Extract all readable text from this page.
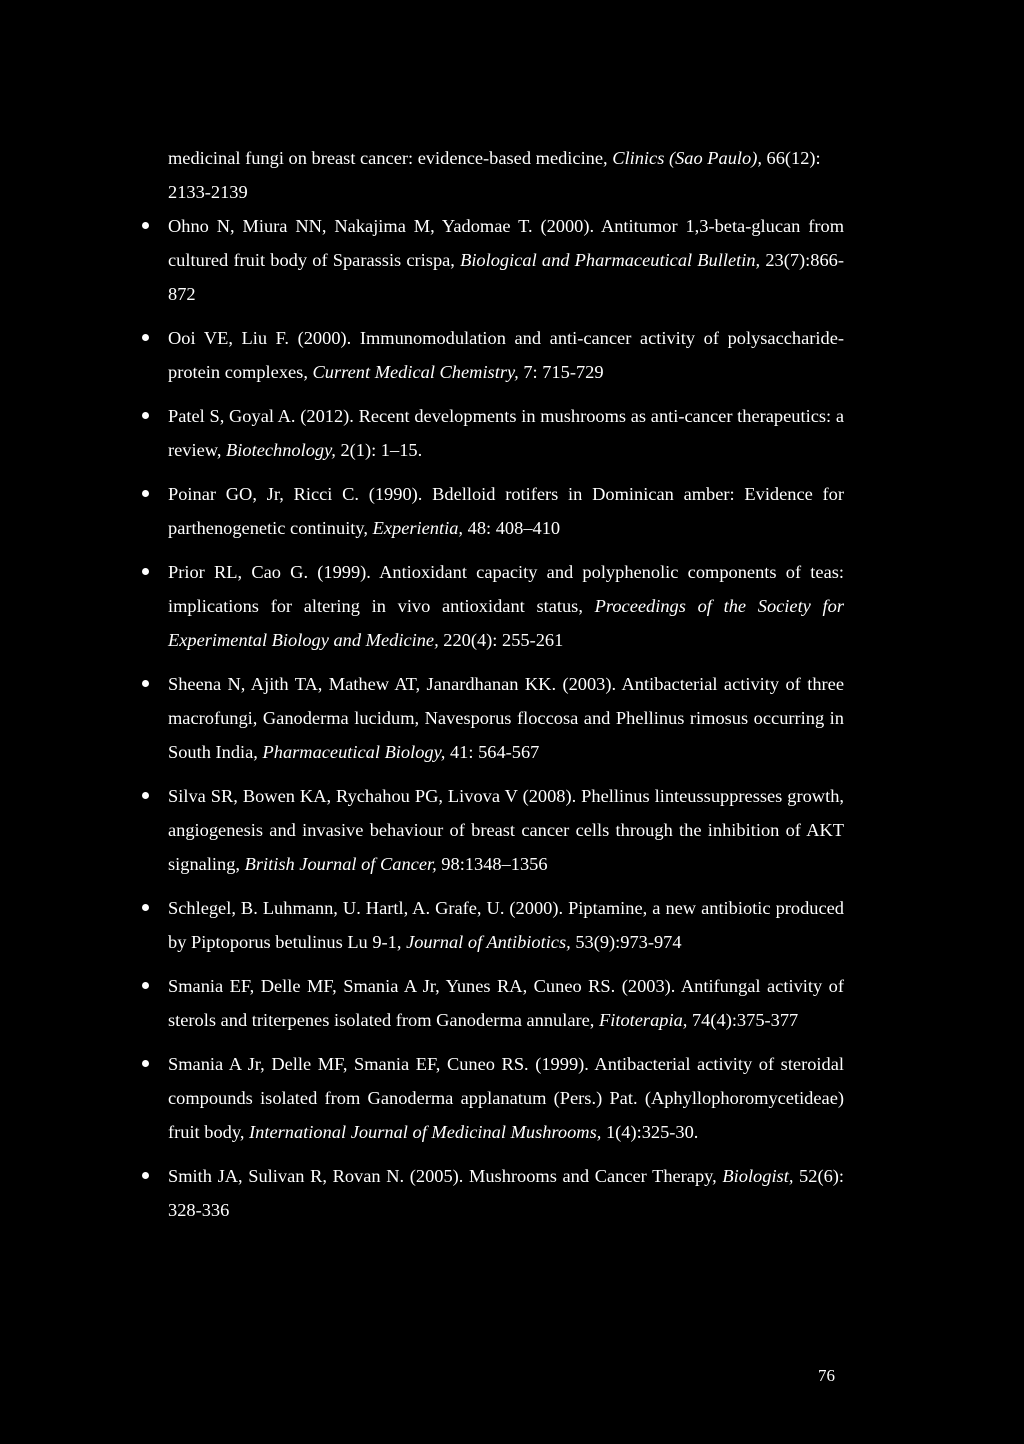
medicinal fungi on breast cancer: evidence-based medicine, Clinics (Sao Paulo), 66(12): 2133-2139

Ohno N, Miura NN, Nakajima M, Yadomae T. (2000). Antitumor 1,3-beta-glucan from cultured fruit body of Sparassis crispa, Biological and Pharmaceutical Bulletin, 23(7):866-872

Ooi VE, Liu F. (2000). Immunomodulation and anti-cancer activity of polysaccharide-protein complexes, Current Medical Chemistry, 7: 715-729

Patel S, Goyal A. (2012). Recent developments in mushrooms as anti-cancer therapeutics: a review, Biotechnology, 2(1): 1–15.

Poinar GO, Jr, Ricci C. (1990). Bdelloid rotifers in Dominican amber: Evidence for parthenogenetic continuity, Experientia, 48: 408–410

Prior RL, Cao G. (1999). Antioxidant capacity and polyphenolic components of teas: implications for altering in vivo antioxidant status, Proceedings of the Society for Experimental Biology and Medicine, 220(4): 255-261

Sheena N, Ajith TA, Mathew AT, Janardhanan KK. (2003). Antibacterial activity of three macrofungi, Ganoderma lucidum, Navesporus floccosa and Phellinus rimosus occurring in South India, Pharmaceutical Biology, 41: 564-567

Silva SR, Bowen KA, Rychahou PG, Livova V (2008). Phellinus linteussuppresses growth, angiogenesis and invasive behaviour of breast cancer cells through the inhibition of AKT signaling, British Journal of Cancer, 98:1348–1356

Schlegel, B. Luhmann, U. Hartl, A. Grafe, U. (2000). Piptamine, a new antibiotic produced by Piptoporus betulinus Lu 9-1, Journal of Antibiotics, 53(9):973-974

Smania EF, Delle MF, Smania A Jr, Yunes RA, Cuneo RS. (2003). Antifungal activity of sterols and triterpenes isolated from Ganoderma annulare, Fitoterapia, 74(4):375-377

Smania A Jr, Delle MF, Smania EF, Cuneo RS. (1999). Antibacterial activity of steroidal compounds isolated from Ganoderma applanatum (Pers.) Pat. (Aphyllophoromycetideae) fruit body, International Journal of Medicinal Mushrooms, 1(4):325-30.

Smith JA, Sulivan R, Rovan N. (2005). Mushrooms and Cancer Therapy, Biologist, 52(6): 328-336

76
